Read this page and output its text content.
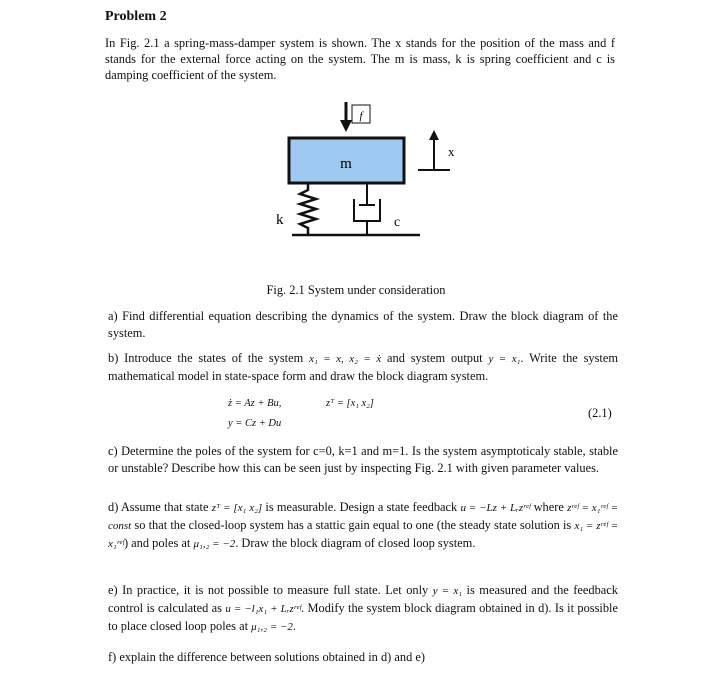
Problem 2
In Fig. 2.1 a spring-mass-damper system is shown. The x stands for the position of the mass and f stands for the external force acting on the system. The m is mass, k is spring coefficient and c is damping coefficient of the system.
f
m
x
k	c
Fig. 2.1 System under consideration
a) Find differential equation describing the dynamics of the system. Draw the block diagram of the system.
b) Introduce the states of the system x₁ = x, x₂ = ẋ and system output y = x₁. Write the system mathematical model in state-space form and draw the block diagram system.
ż = Az + Bu,
y = Cz + Du
zᵀ = [x₁ x₂]
(2.1)
c) Determine the poles of the system for c=0, k=1 and m=1. Is the system asymptoticaly stable, stable or unstable? Describe how this can be seen just by inspecting Fig. 2.1 with given parameter values.
d) Assume that state zᵀ = [x₁ x₂] is measurable. Design a state feedback u = −Lz + Lᵣzʳᵉᶠ where zʳᵉᶠ = x₁ʳᵉᶠ = const so that the closed-loop system has a stattic gain equal to one (the steady state solution is x₁ = zʳᵉᶠ = x₁ʳᵉᶠ) and poles at μ₁,₂ = −2. Draw the block diagram of closed loop system.
e) In practice, it is not possible to measure full state. Let only y = x₁ is measured and the feedback control is calculated as u = −l₁x₁ + Lᵣzʳᵉᶠ. Modify the system block diagram obtained in d). Is it possible to place closed loop poles at μ₁,₂ = −2.
f) explain the difference between solutions obtained in d) and e)
